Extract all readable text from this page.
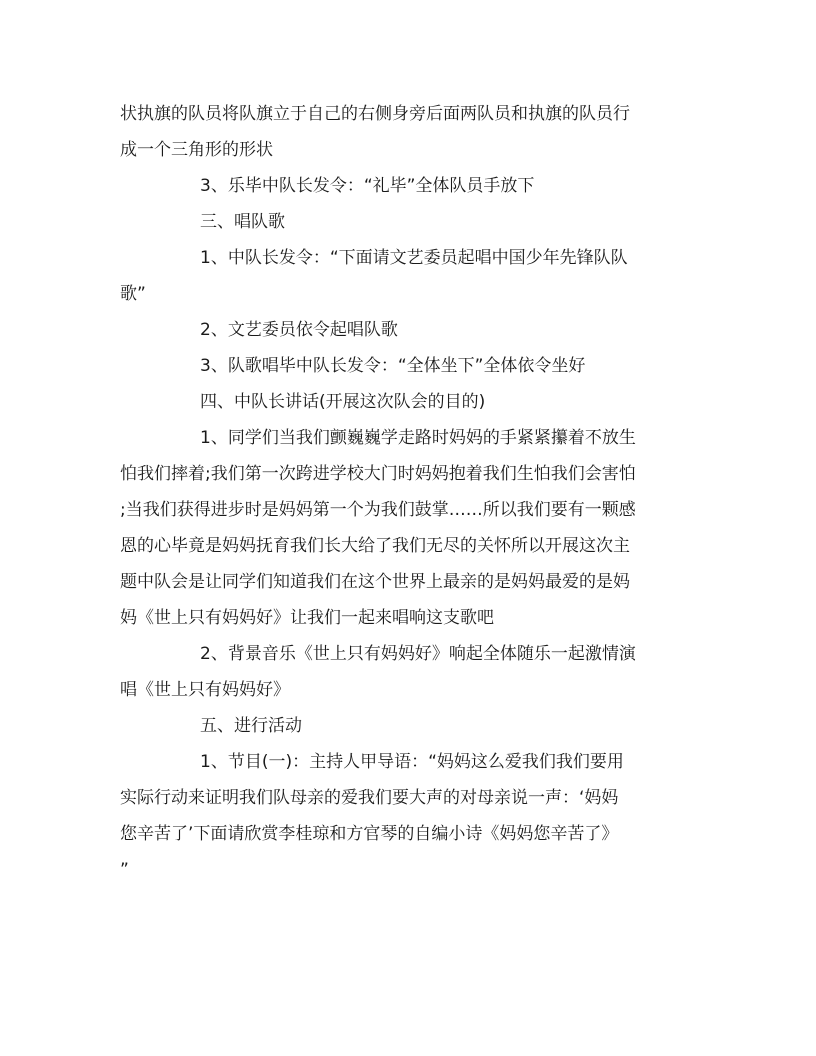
状执旗的队员将队旗立于自己的右侧身旁后面两队员和执旗的队员行
成一个三角形的形状
3、乐毕中队长发令：“礼毕”全体队员手放下
三、唱队歌
1、中队长发令：“下面请文艺委员起唱中国少年先锋队队
歌”
2、文艺委员依令起唱队歌
3、队歌唱毕中队长发令：“全体坐下”全体依令坐好
四、中队长讲话(开展这次队会的目的)
1、同学们当我们颤巍巍学走路时妈妈的手紧紧攥着不放生
怕我们摔着;我们第一次跨进学校大门时妈妈抱着我们生怕我们会害怕
;当我们获得进步时是妈妈第一个为我们鼓掌……所以我们要有一颗感
恩的心毕竟是妈妈抚育我们长大给了我们无尽的关怀所以开展这次主
题中队会是让同学们知道我们在这个世界上最亲的是妈妈最爱的是妈
妈《世上只有妈妈好》让我们一起来唱响这支歌吧
2、背景音乐《世上只有妈妈好》响起全体随乐一起激情演
唱《世上只有妈妈好》
五、进行活动
1、节目(一)：主持人甲导语：“妈妈这么爱我们我们要用
实际行动来证明我们队母亲的爱我们要大声的对母亲说一声：‘妈妈
您辛苦了’下面请欣赏李桂琼和方官琴的自编小诗《妈妈您辛苦了》
”
